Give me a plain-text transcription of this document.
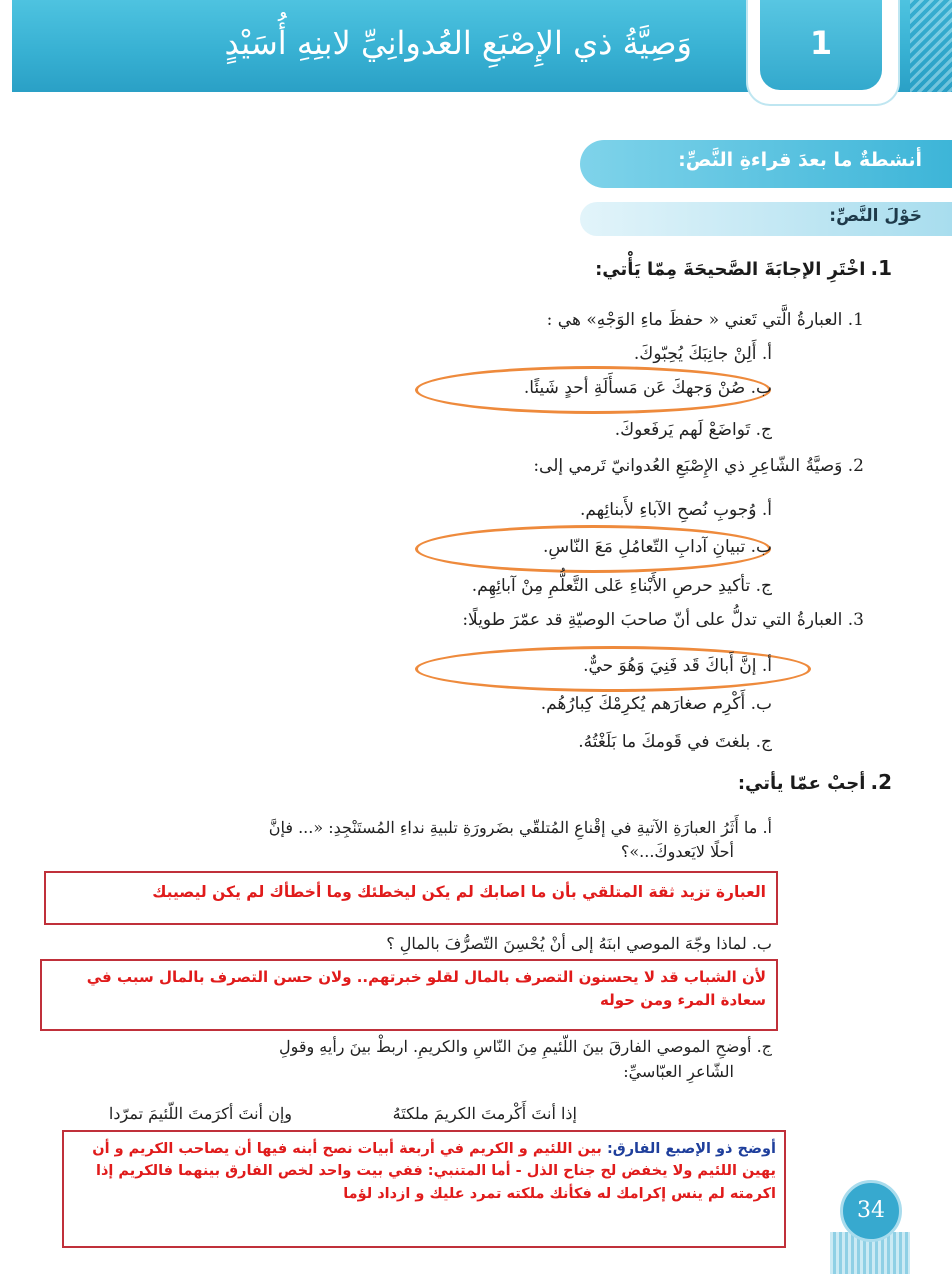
وَصِيَّةُ ذي الإِصْبَعِ العُدوانِيِّ لابنِهِ أُسَيْدٍ	1
أنشطةٌ ما بعدَ قراءةِ النَّصِّ:
حَوْلَ النَّصِّ:
1. اخْتَرِ الإجابَةَ الصَّحيحَةَ مِمّا يَأْتي:
1. العبارةُ الَّتي تَعني « حفظَ ماءِ الوَجْهِ» هي :
أ. أَلِنْ جانِبَكَ يُحِبّوكَ.
ب. صُنْ وَجهكَ عَن مَسأَلَةِ أحدٍ شَيئًا.
ج. تَواضَعْ لَهم يَرفَعوكَ.
2. وَصيَّةُ الشّاعِرِ ذي الإِصْبَعِ العُدوانيّ تَرمي إلى:
أ. وُجوبِ نُصحِ الآباءِ لأَبنائِهم.
ب. تبيانِ آدابِ التّعامُلِ مَعَ النّاسِ.
ج. تأكيدِ حرصِ الأَبْناءِ عَلى التَّعلُّمِ مِنْ آبائِهِم.
3. العبارةُ التي تدلُّ على أنّ صاحبَ الوصيّةِ قد عمّرَ طويلًا:
أ. إنَّ أَباكَ قَد فَنِيَ وَهُوَ حيٌّ.
ب. أَكْرِم صغارَهم يُكرِمْكَ كِبارُهُم.
ج. بلغتَ في قَومكَ ما بَلَغْتُهُ.
2. أجبْ عمّا يأتي:
أ. ما أَثَرُ العبارَةِ الآتيةِ في إقْناعِ المُتلقّي بضَرورَةِ تلبيةِ نداءِ المُستَنْجِدِ: «... فإنَّ
أحلًا لايَعدوكَ...»؟
العبارة تزيد ثقة المتلقي بأن ما اصابك لم يكن ليخطئك وما أخطأك لم يكن ليصيبك
ب. لماذا وجّهَ الموصي ابنَهُ إلى أنْ يُحْسِنَ التّصرُّفَ بالمالِ ؟
لأن الشباب قد لا يحسنون التصرف بالمال لقلو خبرتهم.. ولان حسن التصرف بالمال سبب في سعادة المرء ومن حوله
ج. أوضحِ الموصي الفارقَ بينَ اللّئيمِ مِنَ النّاسِ والكريمِ. اربطْ بينَ رأيهِ وقولِ
الشّاعرِ العبّاسيِّ:
إذا أنتَ أَكْرمتَ الكريمَ ملكتَهُ
وإن أنتَ أكرَمتَ اللّئيمَ تمرّدا
أوضح ذو الإصبع الفارق: بين اللئيم و الكريم في أربعة أبيات نصح أبنه فيها أن يصاحب الكريم و أن يهين اللئيم ولا يخفض لح جناح الذل - أما المتنبي: ففي بيت واحد لخص الفارق بينهما فالكريم إذا اكرمته لم ينس إكرامك له فكأنك ملكته تمرد عليك و ازداد لؤما
34
